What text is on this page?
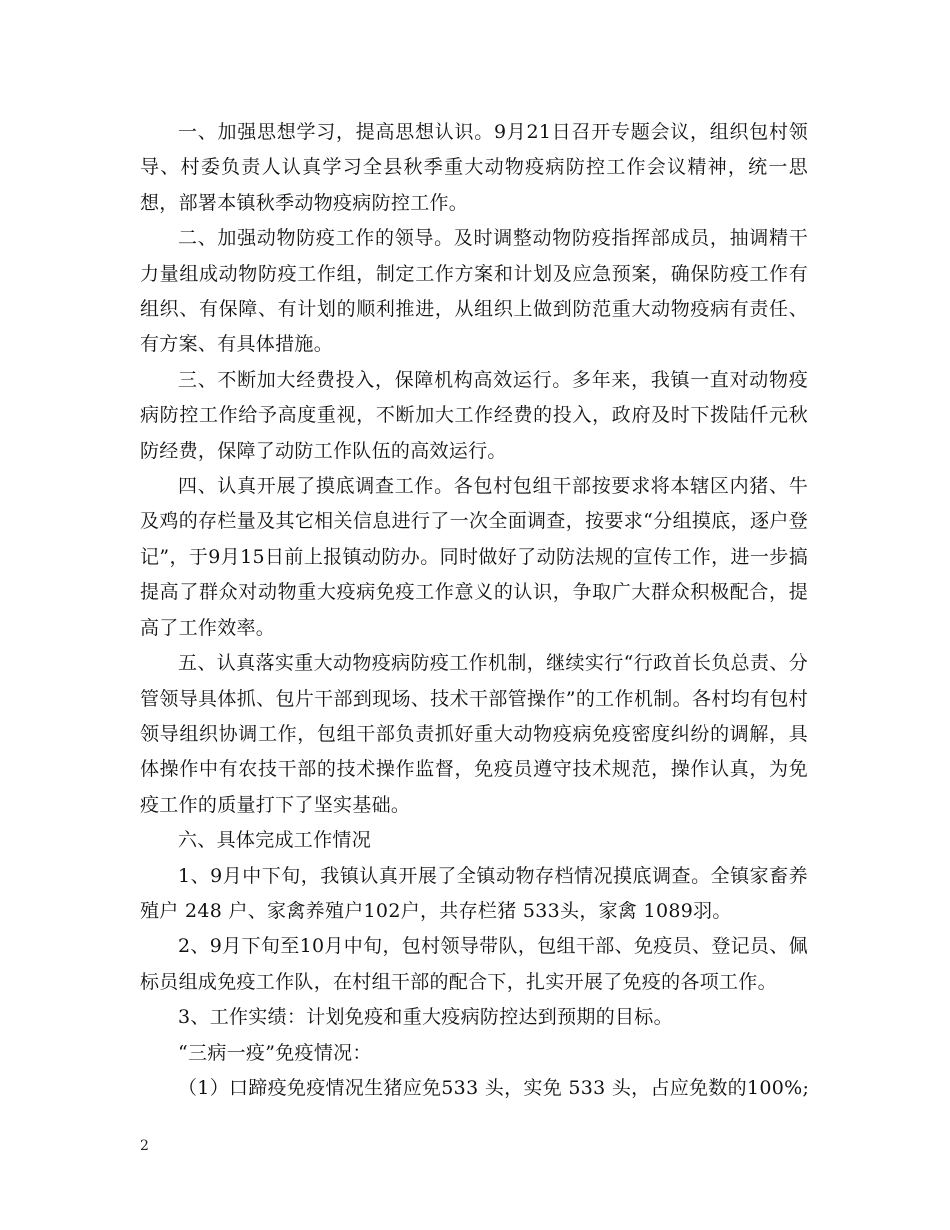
一、加强思想学习，提高思想认识。9月21日召开专题会议，组织包村领导、村委负责人认真学习全县秋季重大动物疫病防控工作会议精神，统一思想，部署本镇秋季动物疫病防控工作。

二、加强动物防疫工作的领导。及时调整动物防疫指挥部成员，抽调精干力量组成动物防疫工作组，制定工作方案和计划及应急预案，确保防疫工作有组织、有保障、有计划的顺利推进，从组织上做到防范重大动物疫病有责任、有方案、有具体措施。

三、不断加大经费投入，保障机构高效运行。多年来，我镇一直对动物疫病防控工作给予高度重视，不断加大工作经费的投入，政府及时下拨陆仟元秋防经费，保障了动防工作队伍的高效运行。

四、认真开展了摸底调查工作。各包村包组干部按要求将本辖区内猪、牛及鸡的存栏量及其它相关信息进行了一次全面调查，按要求“分组摸底，逐户登记”，于9月15日前上报镇动防办。同时做好了动防法规的宣传工作，进一步搞提高了群众对动物重大疫病免疫工作意义的认识，争取广大群众积极配合，提高了工作效率。

五、认真落实重大动物疫病防疫工作机制，继续实行“行政首长负总责、分管领导具体抓、包片干部到现场、技术干部管操作”的工作机制。各村均有包村领导组织协调工作，包组干部负责抓好重大动物疫病免疫密度纠纷的调解，具体操作中有农技干部的技术操作监督，免疫员遵守技术规范，操作认真，为免疫工作的质量打下了坚实基础。

六、具体完成工作情况

1、9月中下旬，我镇认真开展了全镇动物存档情况摸底调查。全镇家畜养殖户 248 户、家禽养殖户102户，共存栏猪 533头，家禽 1089羽。

2、9月下旬至10月中旬，包村领导带队，包组干部、免疫员、登记员、佩标员组成免疫工作队，在村组干部的配合下，扎实开展了免疫的各项工作。

3、工作实绩：计划免疫和重大疫病防控达到预期的目标。

“三病一疫”免疫情况：

（1）口蹄疫免疫情况生猪应免533 头，实免 533 头，占应免数的100%;

2
